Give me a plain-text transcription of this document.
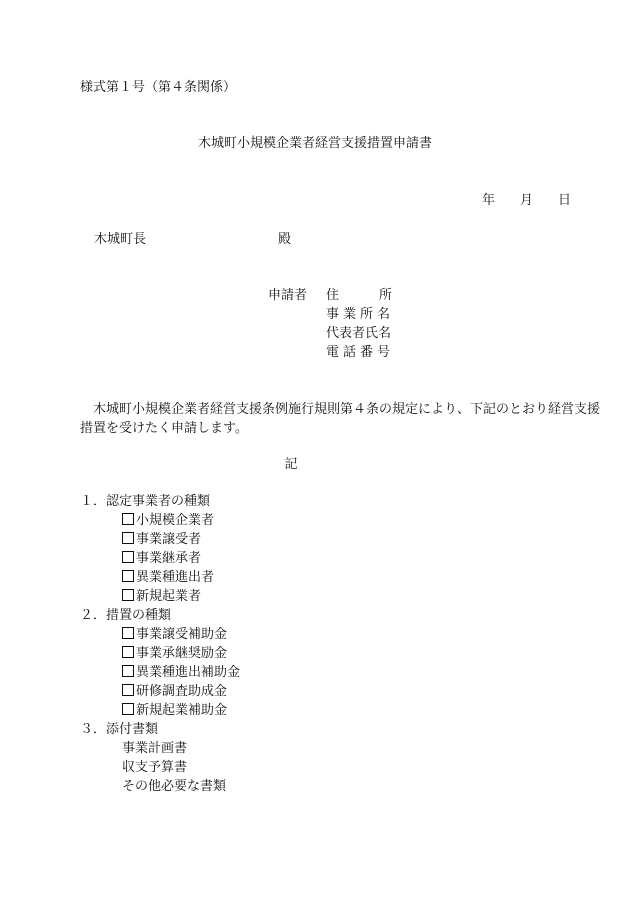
様式第１号（第４条関係）
木城町小規模企業者経営支援措置申請書
年 月 日
木城町長	殿
申請者 住	所
事業所名
代表者氏名
電話番号
木城町小規模企業者経営支援条例施行規則第４条の規定により、下記のとおり経営支援措置を受けたく申請します。
記
１．認定事業者の種類
小規模企業者
事業譲受者
事業継承者
異業種進出者
新規起業者
２．措置の種類
事業譲受補助金
事業承継奨励金
異業種進出補助金
研修調査助成金
新規起業補助金
３．添付書類
事業計画書
収支予算書
その他必要な書類
